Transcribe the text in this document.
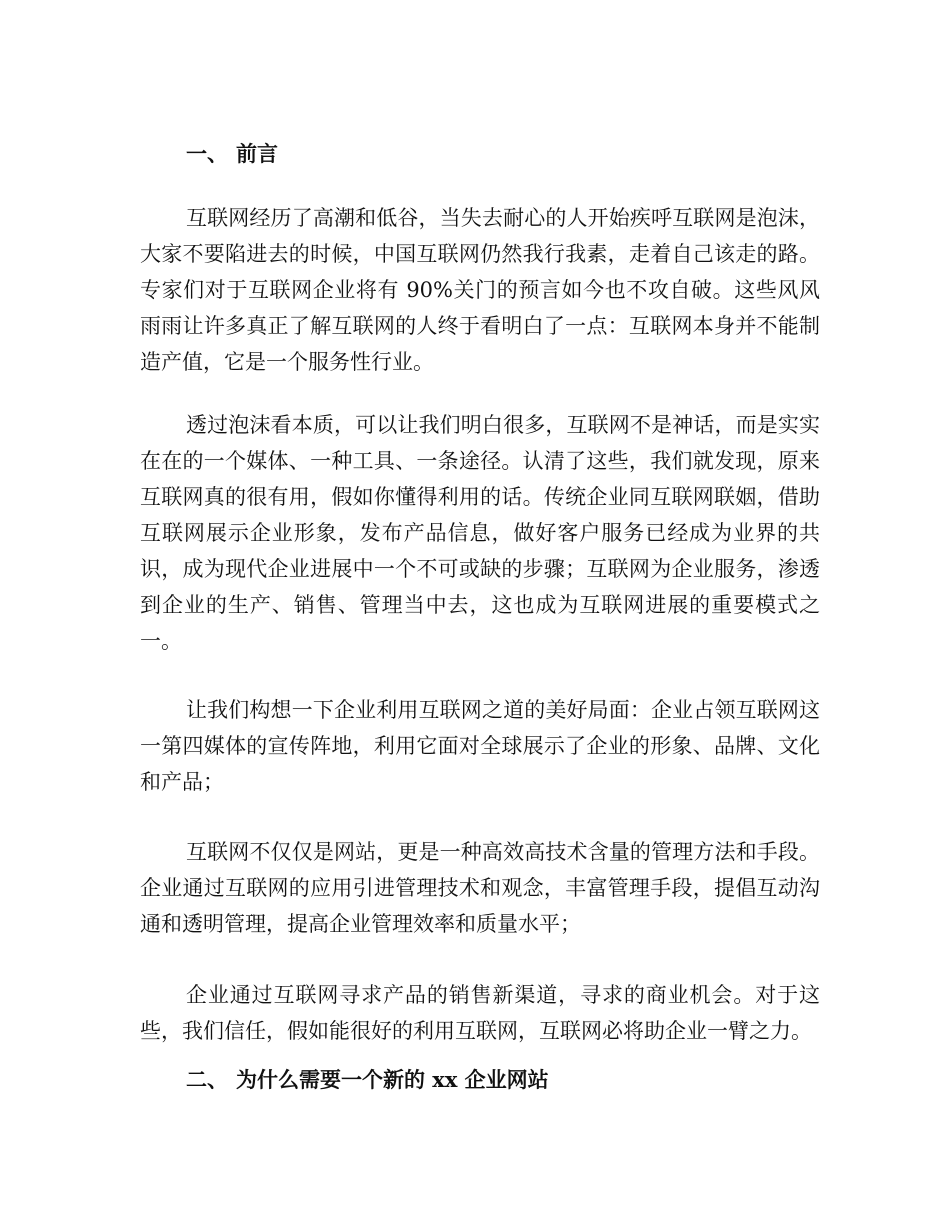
一、 前言

互联网经历了高潮和低谷，当失去耐心的人开始疾呼互联网是泡沫，大家不要陷进去的时候，中国互联网仍然我行我素，走着自己该走的路。专家们对于互联网企业将有 90%关门的预言如今也不攻自破。这些风风雨雨让许多真正了解互联网的人终于看明白了一点：互联网本身并不能制造产值，它是一个服务性行业。

透过泡沫看本质，可以让我们明白很多，互联网不是神话，而是实实在在的一个媒体、一种工具、一条途径。认清了这些，我们就发现，原来互联网真的很有用，假如你懂得利用的话。传统企业同互联网联姻，借助互联网展示企业形象，发布产品信息，做好客户服务已经成为业界的共识，成为现代企业进展中一个不可或缺的步骤；互联网为企业服务，渗透到企业的生产、销售、管理当中去，这也成为互联网进展的重要模式之一。

让我们构想一下企业利用互联网之道的美好局面：企业占领互联网这一第四媒体的宣传阵地，利用它面对全球展示了企业的形象、品牌、文化和产品；

互联网不仅仅是网站，更是一种高效高技术含量的管理方法和手段。企业通过互联网的应用引进管理技术和观念，丰富管理手段，提倡互动沟通和透明管理，提高企业管理效率和质量水平；

企业通过互联网寻求产品的销售新渠道，寻求的商业机会。对于这些，我们信任，假如能很好的利用互联网，互联网必将助企业一臂之力。

二、 为什么需要一个新的 xx 企业网站
